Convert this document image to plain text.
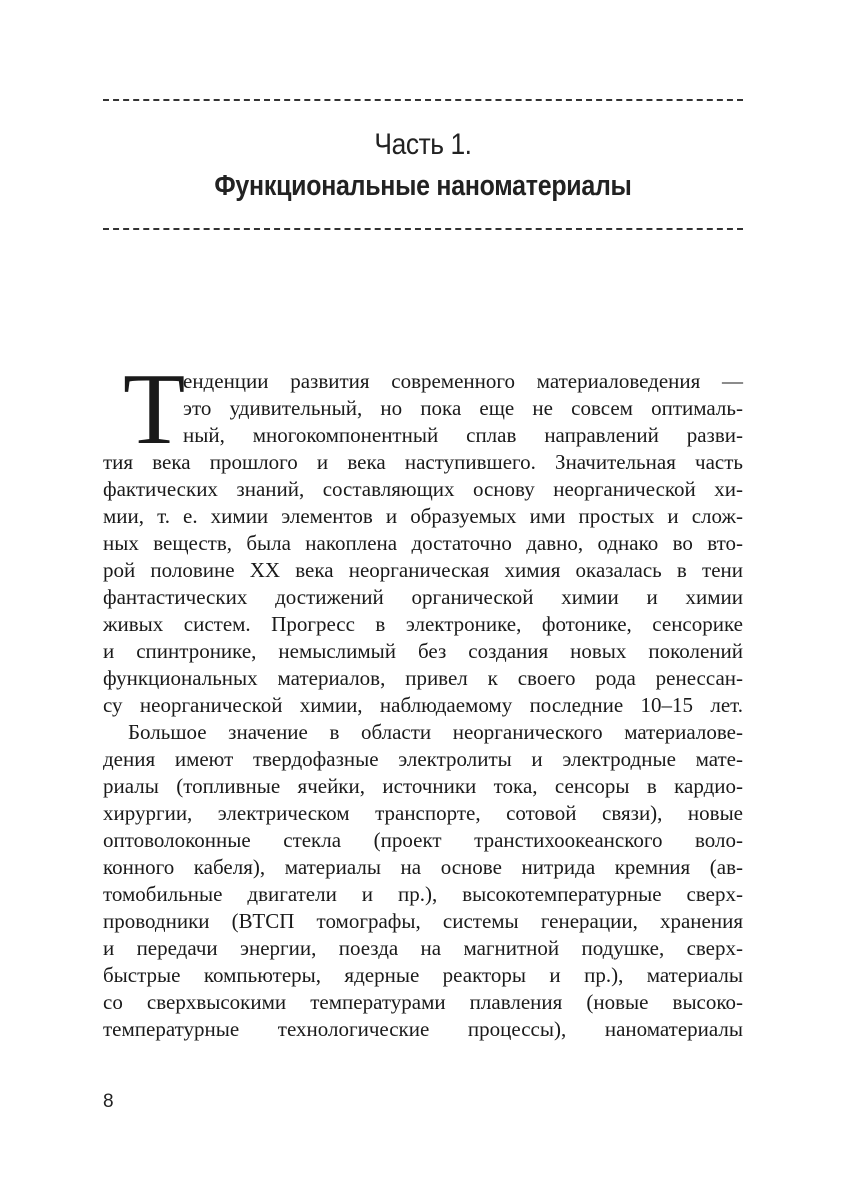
Часть 1.
Функциональные наноматериалы
Т
енденции развития современного материаловедения —
это удивительный, но пока еще не совсем оптималь-
ный, многокомпонентный сплав направлений разви-
тия века прошлого и века наступившего. Значительная часть
фактических знаний, составляющих основу неорганической хи-
мии, т. е. химии элементов и образуемых ими простых и слож-
ных веществ, была накоплена достаточно давно, однако во вто-
рой половине XX века неорганическая химия оказалась в тени
фантастических достижений органической химии и химии
живых систем. Прогресс в электронике, фотонике, сенсорике
и спинтронике, немыслимый без создания новых поколений
функциональных материалов, привел к своего рода ренессан-
су неорганической химии, наблюдаемому последние 10–15 лет.
Большое значение в области неорганического материалове-
дения имеют твердофазные электролиты и электродные мате-
риалы (топливные ячейки, источники тока, сенсоры в кардио-
хирургии, электрическом транспорте, сотовой связи), новые
оптоволоконные стекла (проект транстихоокеанского воло-
конного кабеля), материалы на основе нитрида кремния (ав-
томобильные двигатели и пр.), высокотемпературные сверх-
проводники (ВТСП томографы, системы генерации, хранения
и передачи энергии, поезда на магнитной подушке, сверх-
быстрые компьютеры, ядерные реакторы и пр.), материалы
со сверхвысокими температурами плавления (новые высоко-
температурные технологические процессы), наноматериалы
8
